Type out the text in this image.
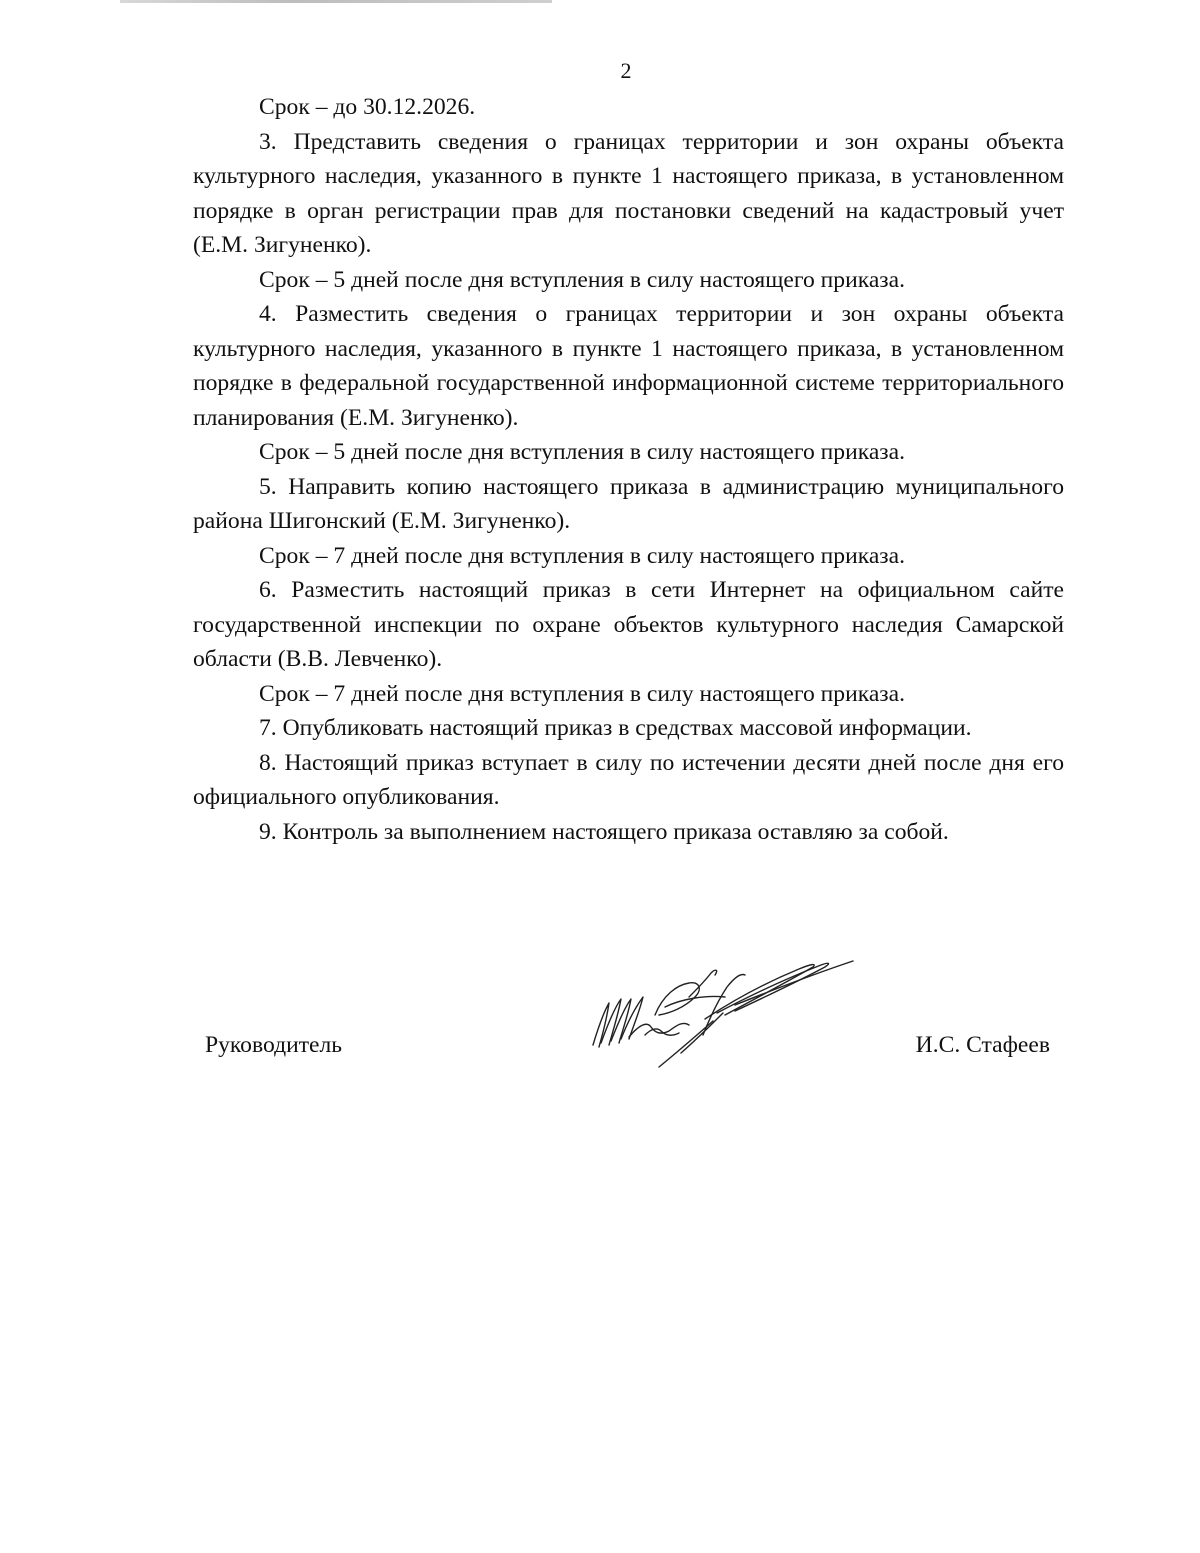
2

Срок – до 30.12.2026.

3. Представить сведения о границах территории и зон охраны объекта культурного наследия, указанного в пункте 1 настоящего приказа, в установленном порядке в орган регистрации прав для постановки сведений на кадастровый учет (Е.М. Зигуненко).

Срок – 5 дней после дня вступления в силу настоящего приказа.

4. Разместить сведения о границах территории и зон охраны объекта культурного наследия, указанного в пункте 1 настоящего приказа, в установленном порядке в федеральной государственной информационной системе территориального планирования (Е.М. Зигуненко).

Срок – 5 дней после дня вступления в силу настоящего приказа.

5. Направить копию настоящего приказа в администрацию муниципального района Шигонский (Е.М. Зигуненко).

Срок – 7 дней после дня вступления в силу настоящего приказа.

6. Разместить настоящий приказ в сети Интернет на официальном сайте государственной инспекции по охране объектов культурного наследия Самарской области (В.В. Левченко).

Срок – 7 дней после дня вступления в силу настоящего приказа.

7. Опубликовать настоящий приказ в средствах массовой информации.

8. Настоящий приказ вступает в силу по истечении десяти дней после дня его официального опубликования.

9. Контроль за выполнением настоящего приказа оставляю за собой.

Руководитель	И.С. Стафеев
